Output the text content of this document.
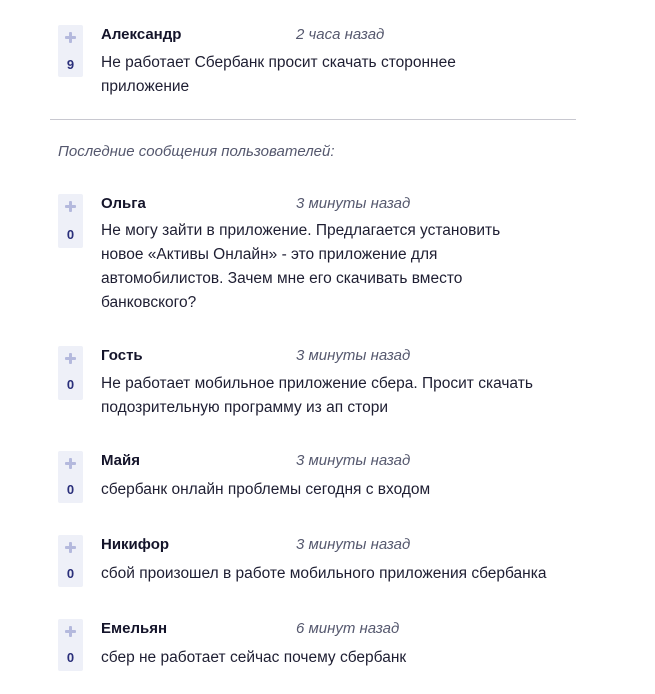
9
Александр	2 часа назад
Не работает Сбербанк просит скачать стороннее приложение
Последние сообщения пользователей:
0
Ольга	3 минуты назад
Не могу зайти в приложение. Предлагается установить новое «Активы Онлайн» - это приложение для автомобилистов. Зачем мне его скачивать вместо банковского?
0
Гость	3 минуты назад
Не работает мобильное приложение сбера. Просит скачать подозрительную программу из ап стори
0
Майя	3 минуты назад
сбербанк онлайн проблемы сегодня с входом
0
Никифор	3 минуты назад
сбой произошел в работе мобильного приложения сбербанка
0
Емельян	6 минут назад
сбер не работает сейчас почему сбербанк
